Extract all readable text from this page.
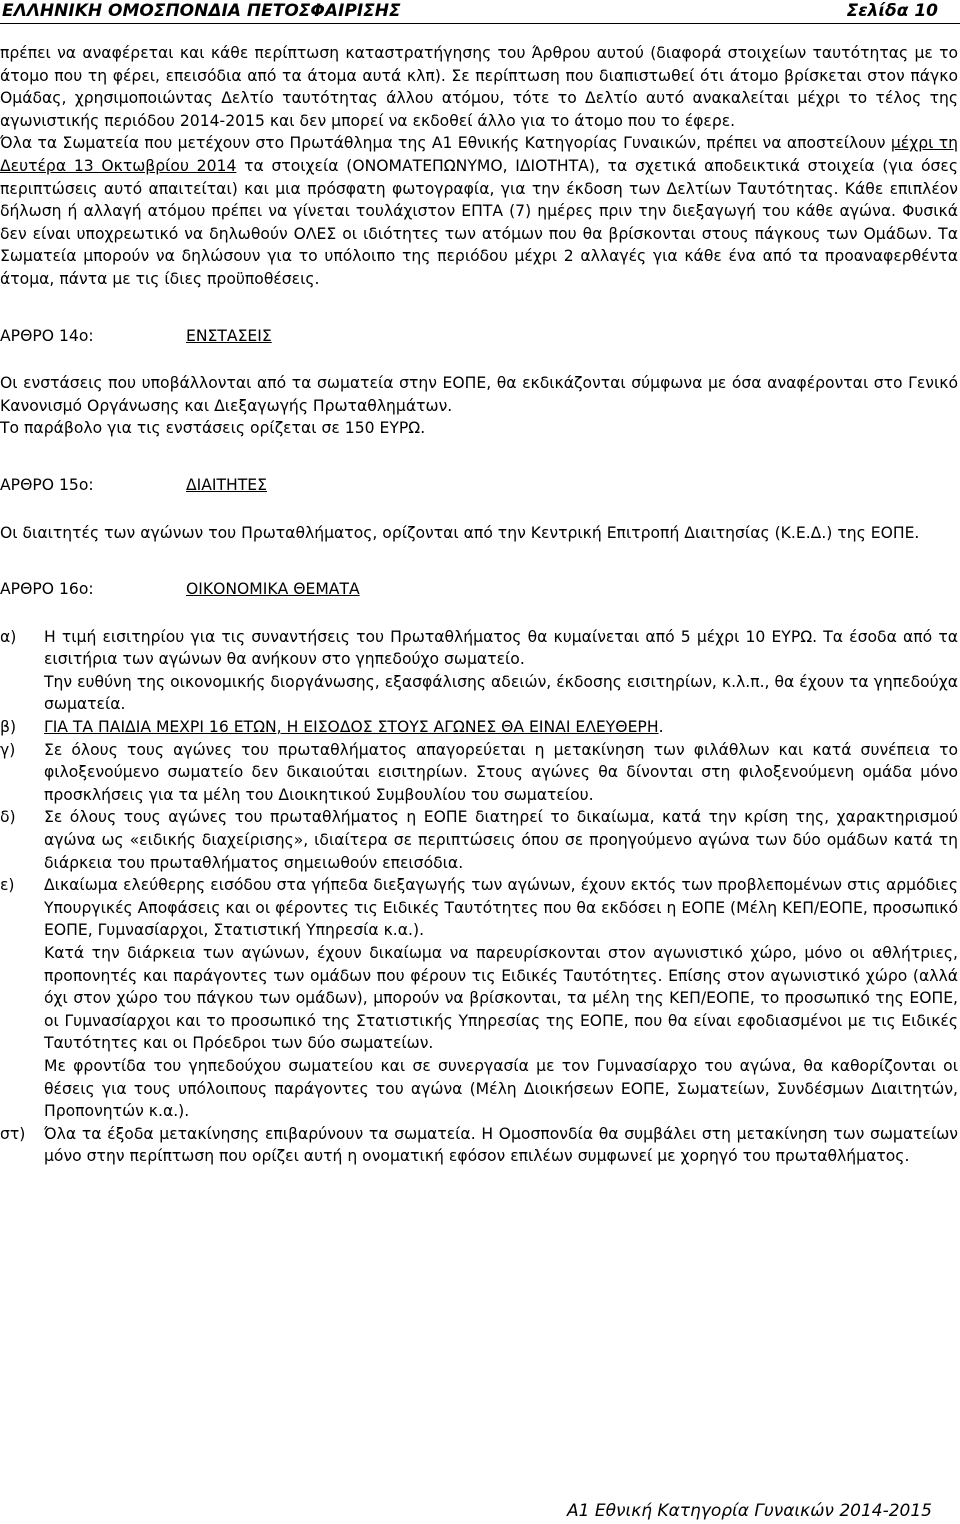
ΕΛΛΗΝΙΚΗ ΟΜΟΣΠΟΝΔΙΑ ΠΕΤΟΣΦΑΙΡΙΣΗΣ	Σελίδα 10

πρέπει να αναφέρεται και κάθε περίπτωση καταστρατήγησης του Άρθρου αυτού (διαφορά στοιχείων ταυτότητας με το άτομο που τη φέρει, επεισόδια από τα άτομα αυτά κλπ). Σε περίπτωση που διαπιστωθεί ότι άτομο βρίσκεται στον πάγκο Ομάδας, χρησιμοποιώντας Δελτίο ταυτότητας άλλου ατόμου, τότε το Δελτίο αυτό ανακαλείται μέχρι το τέλος της αγωνιστικής περιόδου 2014-2015 και δεν μπορεί να εκδοθεί άλλο για το άτομο που το έφερε.

Όλα τα Σωματεία που μετέχουν στο Πρωτάθλημα της Α1 Εθνικής Κατηγορίας Γυναικών, πρέπει να αποστείλουν μέχρι τη Δευτέρα 13 Οκτωβρίου 2014 τα στοιχεία (ΟΝΟΜΑΤΕΠΩΝΥΜΟ, ΙΔΙΟΤΗΤΑ), τα σχετικά αποδεικτικά στοιχεία (για όσες περιπτώσεις αυτό απαιτείται) και μια πρόσφατη φωτογραφία, για την έκδοση των Δελτίων Ταυτότητας. Κάθε επιπλέον δήλωση ή αλλαγή ατόμου πρέπει να γίνεται τουλάχιστον ΕΠΤΑ (7) ημέρες πριν την διεξαγωγή του κάθε αγώνα. Φυσικά δεν είναι υποχρεωτικό να δηλωθούν ΟΛΕΣ οι ιδιότητες των ατόμων που θα βρίσκονται στους πάγκους των Ομάδων. Τα Σωματεία μπορούν να δηλώσουν για το υπόλοιπο της περιόδου μέχρι 2 αλλαγές για κάθε ένα από τα προαναφερθέντα άτομα, πάντα με τις ίδιες προϋποθέσεις.

ΑΡΘΡΟ 14ο:	ΕΝΣΤΑΣΕΙΣ

Οι ενστάσεις που υποβάλλονται από τα σωματεία στην ΕΟΠΕ, θα εκδικάζονται σύμφωνα με όσα αναφέρονται στο Γενικό Κανονισμό Οργάνωσης και Διεξαγωγής Πρωταθλημάτων.

Το παράβολο για τις ενστάσεις ορίζεται σε 150 ΕΥΡΩ.

ΑΡΘΡΟ 15ο:	ΔΙΑΙΤΗΤΕΣ

Οι διαιτητές των αγώνων του Πρωταθλήματος, ορίζονται από την Κεντρική Επιτροπή Διαιτησίας (Κ.Ε.Δ.) της ΕΟΠΕ.

ΑΡΘΡΟ 16ο:	ΟΙΚΟΝΟΜΙΚΑ ΘΕΜΑΤΑ
α)	Η τιμή εισιτηρίου για τις συναντήσεις του Πρωταθλήματος θα κυμαίνεται από 5 μέχρι 10 ΕΥΡΩ. Τα έσοδα από τα εισιτήρια των αγώνων θα ανήκουν στο γηπεδούχο σωματείο.

Την ευθύνη της οικονομικής διοργάνωσης, εξασφάλισης αδειών, έκδοσης εισιτηρίων, κ.λ.π., θα έχουν τα γηπεδούχα σωματεία.

β)	ΓΙΑ ΤΑ ΠΑΙΔΙΑ ΜΕΧΡΙ 16 ΕΤΩΝ, Η ΕΙΣΟΔΟΣ ΣΤΟΥΣ ΑΓΩΝΕΣ ΘΑ ΕΙΝΑΙ ΕΛΕΥΘΕΡΗ.

γ)	Σε όλους τους αγώνες του πρωταθλήματος απαγορεύεται η μετακίνηση των φιλάθλων και κατά συνέπεια το φιλοξενούμενο σωματείο δεν δικαιούται εισιτηρίων. Στους αγώνες θα δίνονται στη φιλοξενούμενη ομάδα μόνο προσκλήσεις για τα μέλη του Διοικητικού Συμβουλίου του σωματείου.

δ)	Σε όλους τους αγώνες του πρωταθλήματος η ΕΟΠΕ διατηρεί το δικαίωμα, κατά την κρίση της, χαρακτηρισμού αγώνα ως «ειδικής διαχείρισης», ιδιαίτερα σε περιπτώσεις όπου σε προηγούμενο αγώνα των δύο ομάδων κατά τη διάρκεια του πρωταθλήματος σημειωθούν επεισόδια.

ε)	Δικαίωμα ελεύθερης εισόδου στα γήπεδα διεξαγωγής των αγώνων, έχουν εκτός των προβλεπομένων στις αρμόδιες Υπουργικές Αποφάσεις και οι φέροντες τις Ειδικές Ταυτότητες που θα εκδόσει η ΕΟΠΕ (Μέλη ΚΕΠ/ΕΟΠΕ, προσωπικό ΕΟΠΕ, Γυμνασίαρχοι, Στατιστική Υπηρεσία κ.α.).

Κατά την διάρκεια των αγώνων, έχουν δικαίωμα να παρευρίσκονται στον αγωνιστικό χώρο, μόνο οι αθλήτριες, προπονητές και παράγοντες των ομάδων που φέρουν τις Ειδικές Ταυτότητες. Επίσης στον αγωνιστικό χώρο (αλλά όχι στον χώρο του πάγκου των ομάδων), μπορούν να βρίσκονται, τα μέλη της ΚΕΠ/ΕΟΠΕ, το προσωπικό της ΕΟΠΕ, οι Γυμνασίαρχοι και το προσωπικό της Στατιστικής Υπηρεσίας της ΕΟΠΕ, που θα είναι εφοδιασμένοι με τις Ειδικές Ταυτότητες και οι Πρόεδροι των δύο σωματείων.

Με φροντίδα του γηπεδούχου σωματείου και σε συνεργασία με τον Γυμνασίαρχο του αγώνα, θα καθορίζονται οι θέσεις για τους υπόλοιπους παράγοντες του αγώνα (Μέλη Διοικήσεων ΕΟΠΕ, Σωματείων, Συνδέσμων Διαιτητών, Προπονητών κ.α.).

στ)	Όλα τα έξοδα μετακίνησης επιβαρύνουν τα σωματεία. Η Ομοσπονδία θα συμβάλει στη μετακίνηση των σωματείων μόνο στην περίπτωση που ορίζει αυτή η ονοματική εφόσον επιλέων συμφωνεί με χορηγό του πρωταθλήματος.

Α1 Εθνική Κατηγορία Γυναικών 2014-2015
